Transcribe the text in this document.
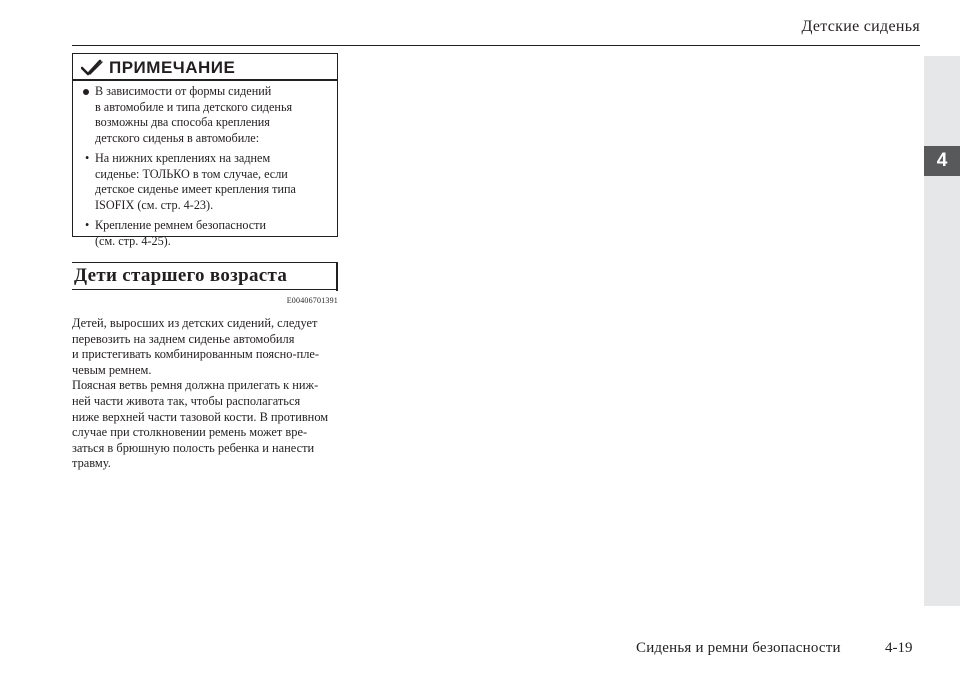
Детские сиденья
4
ПРИМЕЧАНИЕ
В зависимости от формы сидений
в автомобиле и типа детского сиденья
возможны два способа крепления
детского сиденья в автомобиле:
• На нижних креплениях на заднем
сиденье: ТОЛЬКО в том случае, если
детское сиденье имеет крепления типа
ISOFIX (см. стр. 4-23).
• Крепление ремнем безопасности
(см. стр. 4-25).
Дети старшего возраста
E00406701391
Детей, выросших из детских сидений, следует
перевозить на заднем сиденье автомобиля
и пристегивать комбинированным поясно-пле-
чевым ремнем.
Поясная ветвь ремня должна прилегать к ниж-
ней части живота так, чтобы располагаться
ниже верхней части тазовой кости. В противном
случае при столкновении ремень может вре-
заться в брюшную полость ребенка и нанести
травму.
Сиденья и ремни безопасности	4-19
